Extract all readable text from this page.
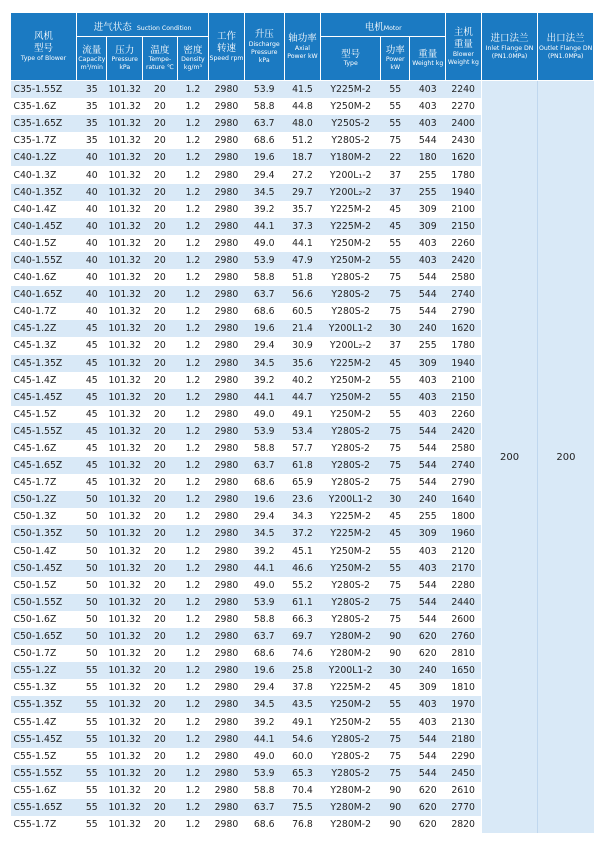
风机
型号
Type of Blower	进气状态 Suction Condition				工作
转速
Speed rpm	升压
Discharge Pressure kPa	轴功率
Axial Power kW	电机Motor			主机
重量
Blower Weight kg	进口法兰
Inlet Flange DN (PN1.0MPa)	出口法兰
Outlet Flange DN (PN1.0MPa)

	流量
Capacity m³/min	压力
Pressure kPa	温度
Tempe-rature ℃	密度
Density kg/m³				型号
Type	功率
Power kW	重量
Weight kg			

C35-1.55Z	35	101.32	20	1.2	2980	53.9	41.5	Y225M-2	55	403	2240	200	200
C35-1.6Z	35	101.32	20	1.2	2980	58.8	44.8	Y250M-2	55	403	2270		
C35-1.65Z	35	101.32	20	1.2	2980	63.7	48.0	Y250S-2	55	403	2400		
C35-1.7Z	35	101.32	20	1.2	2980	68.6	51.2	Y280S-2	75	544	2430		
C40-1.2Z	40	101.32	20	1.2	2980	19.6	18.7	Y180M-2	22	180	1620		
C40-1.3Z	40	101.32	20	1.2	2980	29.4	27.2	Y200L₁-2	37	255	1780		
C40-1.35Z	40	101.32	20	1.2	2980	34.5	29.7	Y200L₂-2	37	255	1940		
C40-1.4Z	40	101.32	20	1.2	2980	39.2	35.7	Y225M-2	45	309	2100		
C40-1.45Z	40	101.32	20	1.2	2980	44.1	37.3	Y225M-2	45	309	2150		
C40-1.5Z	40	101.32	20	1.2	2980	49.0	44.1	Y250M-2	55	403	2260		
C40-1.55Z	40	101.32	20	1.2	2980	53.9	47.9	Y250M-2	55	403	2420		
C40-1.6Z	40	101.32	20	1.2	2980	58.8	51.8	Y280S-2	75	544	2580		
C40-1.65Z	40	101.32	20	1.2	2980	63.7	56.6	Y280S-2	75	544	2740		
C40-1.7Z	40	101.32	20	1.2	2980	68.6	60.5	Y280S-2	75	544	2790		
C45-1.2Z	45	101.32	20	1.2	2980	19.6	21.4	Y200L1-2	30	240	1620		
C45-1.3Z	45	101.32	20	1.2	2980	29.4	30.9	Y200L₂-2	37	255	1780		
C45-1.35Z	45	101.32	20	1.2	2980	34.5	35.6	Y225M-2	45	309	1940		
C45-1.4Z	45	101.32	20	1.2	2980	39.2	40.2	Y250M-2	55	403	2100		
C45-1.45Z	45	101.32	20	1.2	2980	44.1	44.7	Y250M-2	55	403	2150		
C45-1.5Z	45	101.32	20	1.2	2980	49.0	49.1	Y250M-2	55	403	2260		
C45-1.55Z	45	101.32	20	1.2	2980	53.9	53.4	Y280S-2	75	544	2420		
C45-1.6Z	45	101.32	20	1.2	2980	58.8	57.7	Y280S-2	75	544	2580		
C45-1.65Z	45	101.32	20	1.2	2980	63.7	61.8	Y280S-2	75	544	2740		
C45-1.7Z	45	101.32	20	1.2	2980	68.6	65.9	Y280S-2	75	544	2790		
C50-1.2Z	50	101.32	20	1.2	2980	19.6	23.6	Y200L1-2	30	240	1640		
C50-1.3Z	50	101.32	20	1.2	2980	29.4	34.3	Y225M-2	45	255	1800		
C50-1.35Z	50	101.32	20	1.2	2980	34.5	37.2	Y225M-2	45	309	1960		
C50-1.4Z	50	101.32	20	1.2	2980	39.2	45.1	Y250M-2	55	403	2120		
C50-1.45Z	50	101.32	20	1.2	2980	44.1	46.6	Y250M-2	55	403	2170		
C50-1.5Z	50	101.32	20	1.2	2980	49.0	55.2	Y280S-2	75	544	2280		
C50-1.55Z	50	101.32	20	1.2	2980	53.9	61.1	Y280S-2	75	544	2440		
C50-1.6Z	50	101.32	20	1.2	2980	58.8	66.3	Y280S-2	75	544	2600		
C50-1.65Z	50	101.32	20	1.2	2980	63.7	69.7	Y280M-2	90	620	2760		
C50-1.7Z	50	101.32	20	1.2	2980	68.6	74.6	Y280M-2	90	620	2810		
C55-1.2Z	55	101.32	20	1.2	2980	19.6	25.8	Y200L1-2	30	240	1650		
C55-1.3Z	55	101.32	20	1.2	2980	29.4	37.8	Y225M-2	45	309	1810		
C55-1.35Z	55	101.32	20	1.2	2980	34.5	43.5	Y250M-2	55	403	1970		
C55-1.4Z	55	101.32	20	1.2	2980	39.2	49.1	Y250M-2	55	403	2130		
C55-1.45Z	55	101.32	20	1.2	2980	44.1	54.6	Y280S-2	75	544	2180		
C55-1.5Z	55	101.32	20	1.2	2980	49.0	60.0	Y280S-2	75	544	2290		
C55-1.55Z	55	101.32	20	1.2	2980	53.9	65.3	Y280S-2	75	544	2450		
C55-1.6Z	55	101.32	20	1.2	2980	58.8	70.4	Y280M-2	90	620	2610		
C55-1.65Z	55	101.32	20	1.2	2980	63.7	75.5	Y280M-2	90	620	2770		
C55-1.7Z	55	101.32	20	1.2	2980	68.6	76.8	Y280M-2	90	620	2820		
